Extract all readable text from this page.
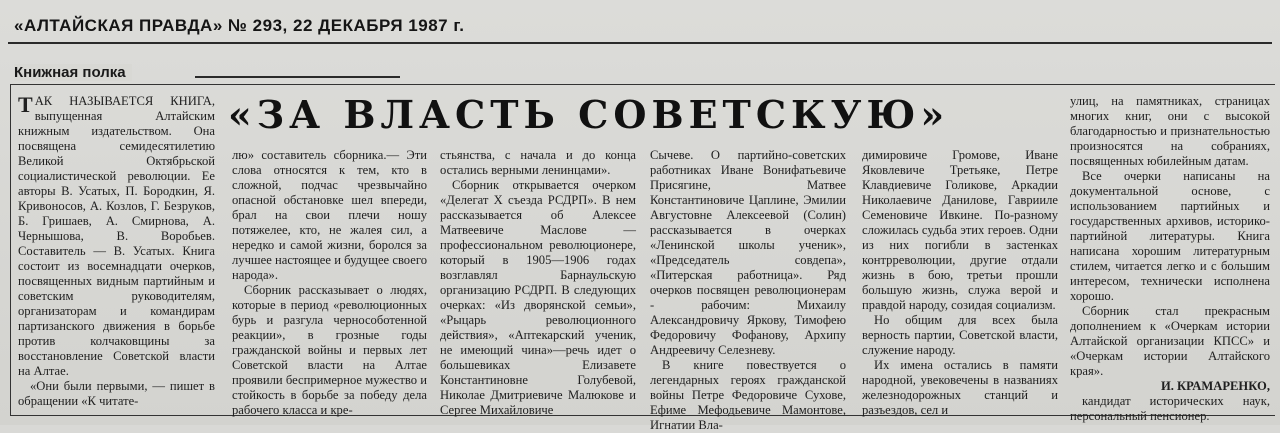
«АЛТАЙСКАЯ ПРАВДА» № 293, 22 ДЕКАБРЯ 1987 г.
Книжная полка
«ЗА ВЛАСТЬ СОВЕТСКУЮ»

ТАК НАЗЫВАЕТСЯ КНИГА, выпущенная Алтайским книжным издательством. Она посвящена семидесятилетию Великой Октябрьской социалистической революции. Ее авторы В. Усатых, П. Бородкин, Я. Кривоносов, А. Козлов, Г. Безруков, Б. Гришаев, А. Смирнова, А. Чернышова, В. Воробьев. Составитель — В. Усатых. Книга состоит из восемнадцати очерков, посвященных видным партийным и советским руководителям, организаторам и командирам партизанского движения в борьбе против колчаковщины за восстановление Советской власти на Алтае.

«Они были первыми, — пишет в обращении «К читате-

лю» составитель сборника.— Эти слова относятся к тем, кто в сложной, подчас чрезвычайно опасной обстановке шел впереди, брал на свои плечи ношу потяжелее, кто, не жалея сил, а нередко и самой жизни, боролся за лучшее настоящее и будущее своего народа».

Сборник рассказывает о людях, которые в период «революционных бурь и разгула чернособотенной реакции», в грозные годы гражданской войны и первых лет Советской власти на Алтае проявили беспримерное мужество и стойкость в борьбе за победу дела рабочего класса и кре-

стьянства, с начала и до конца остались верными ленинцами».

Сборник открывается очерком «Делегат X съезда РСДРП». В нем рассказывается об Алексее Матвеевиче Маслове — профессиональном революционере, который в 1905—1906 годах возглавлял Барнаульскую организацию РСДРП. В следующих очерках: «Из дворянской семьи», «Рыцарь революционного действия», «Аптекарский ученик, не имеющий чина»—речь идет о большевиках Елизавете Константиновне Голубевой, Николае Дмитриевиче Малюкове и Сергее Михайловиче

Сычеве. О партийно-советских работниках Иване Вонифатьевиче Присягине, Матвее Константиновиче Цаплине, Эмилии Августовне Алексеевой (Солин) рассказывается в очерках «Ленинской школы ученик», «Председатель совдепа», «Питерская работница». Ряд очерков посвящен революционерам - рабочим: Михаилу Александровичу Яркову, Тимофею Федоровичу Фофанову, Архипу Андреевичу Селезневу.

В книге повествуется о легендарных героях гражданской войны Петре Федоровиче Сухове, Ефиме Мефодьевиче Мамонтове, Игнатии Вла-

димировиче Громове, Иване Яковлевиче Третьяке, Петре Клавдиевиче Голикове, Аркадии Николаевиче Данилове, Гаврииле Семеновиче Ивкине. По-разному сложилась судьба этих героев. Одни из них погибли в застенках контрреволюции, другие отдали жизнь в бою, третьи прошли большую жизнь, служа верой и правдой народу, созидая социализм.

Но общим для всех была верность партии, Советской власти, служение народу.

Их имена остались в памяти народной, увековечены в названиях железнодорожных станций и разъездов, сел и

улиц, на памятниках, страницах многих книг, они с высокой благодарностью и признательностью произносятся на собраниях, посвященных юбилейным датам.

Все очерки написаны на документальной основе, с использованием партийных и государственных архивов, историко-партийной литературы. Книга написана хорошим литературным стилем, читается легко и с большим интересом, технически исполнена хорошо.

Сборник стал прекрасным дополнением к «Очеркам истории Алтайской организации КПСС» и «Очеркам истории Алтайского края».

И. КРАМАРЕНКО,

кандидат исторических наук, персональный пенсионер.
